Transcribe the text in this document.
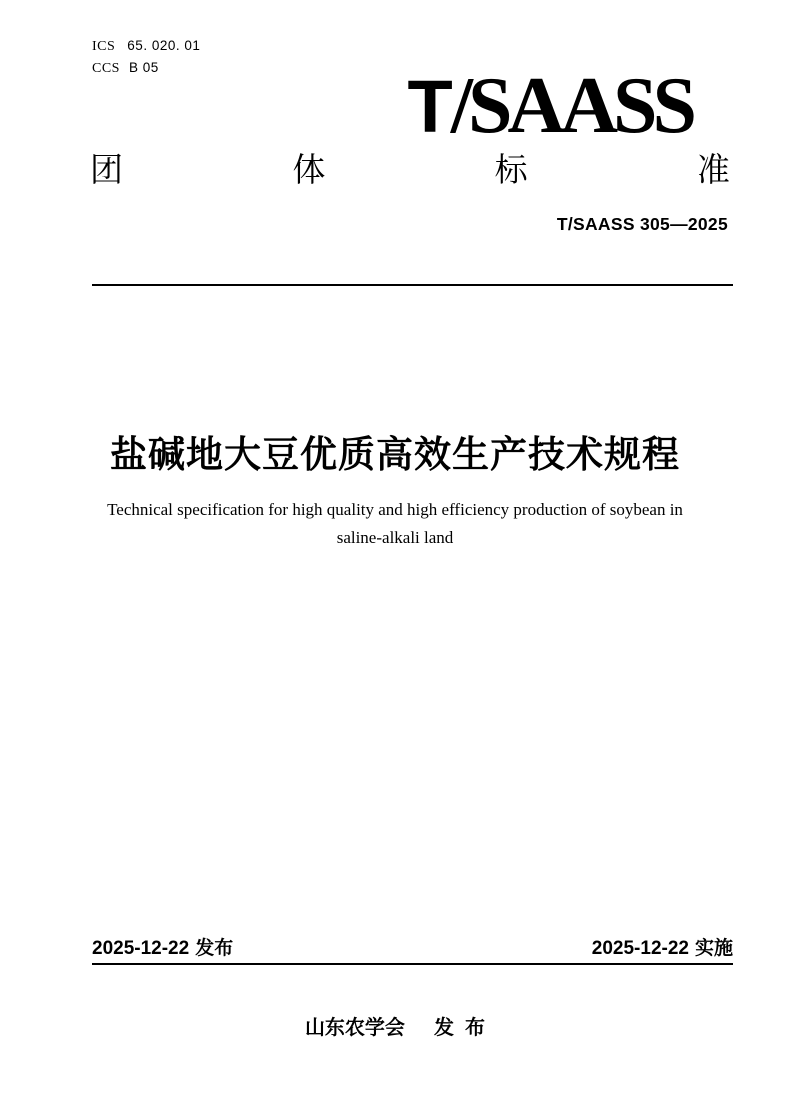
ICS 65. 020. 01
CCS B 05	T/SAASS
团	体	标	准
T/SAASS 305—2025
盐碱地大豆优质高效生产技术规程
Technical specification for high quality and high efficiency production of soybean in
saline-alkali land
2025-12-22 发布	2025-12-22 实施
山东农学会 发  布
